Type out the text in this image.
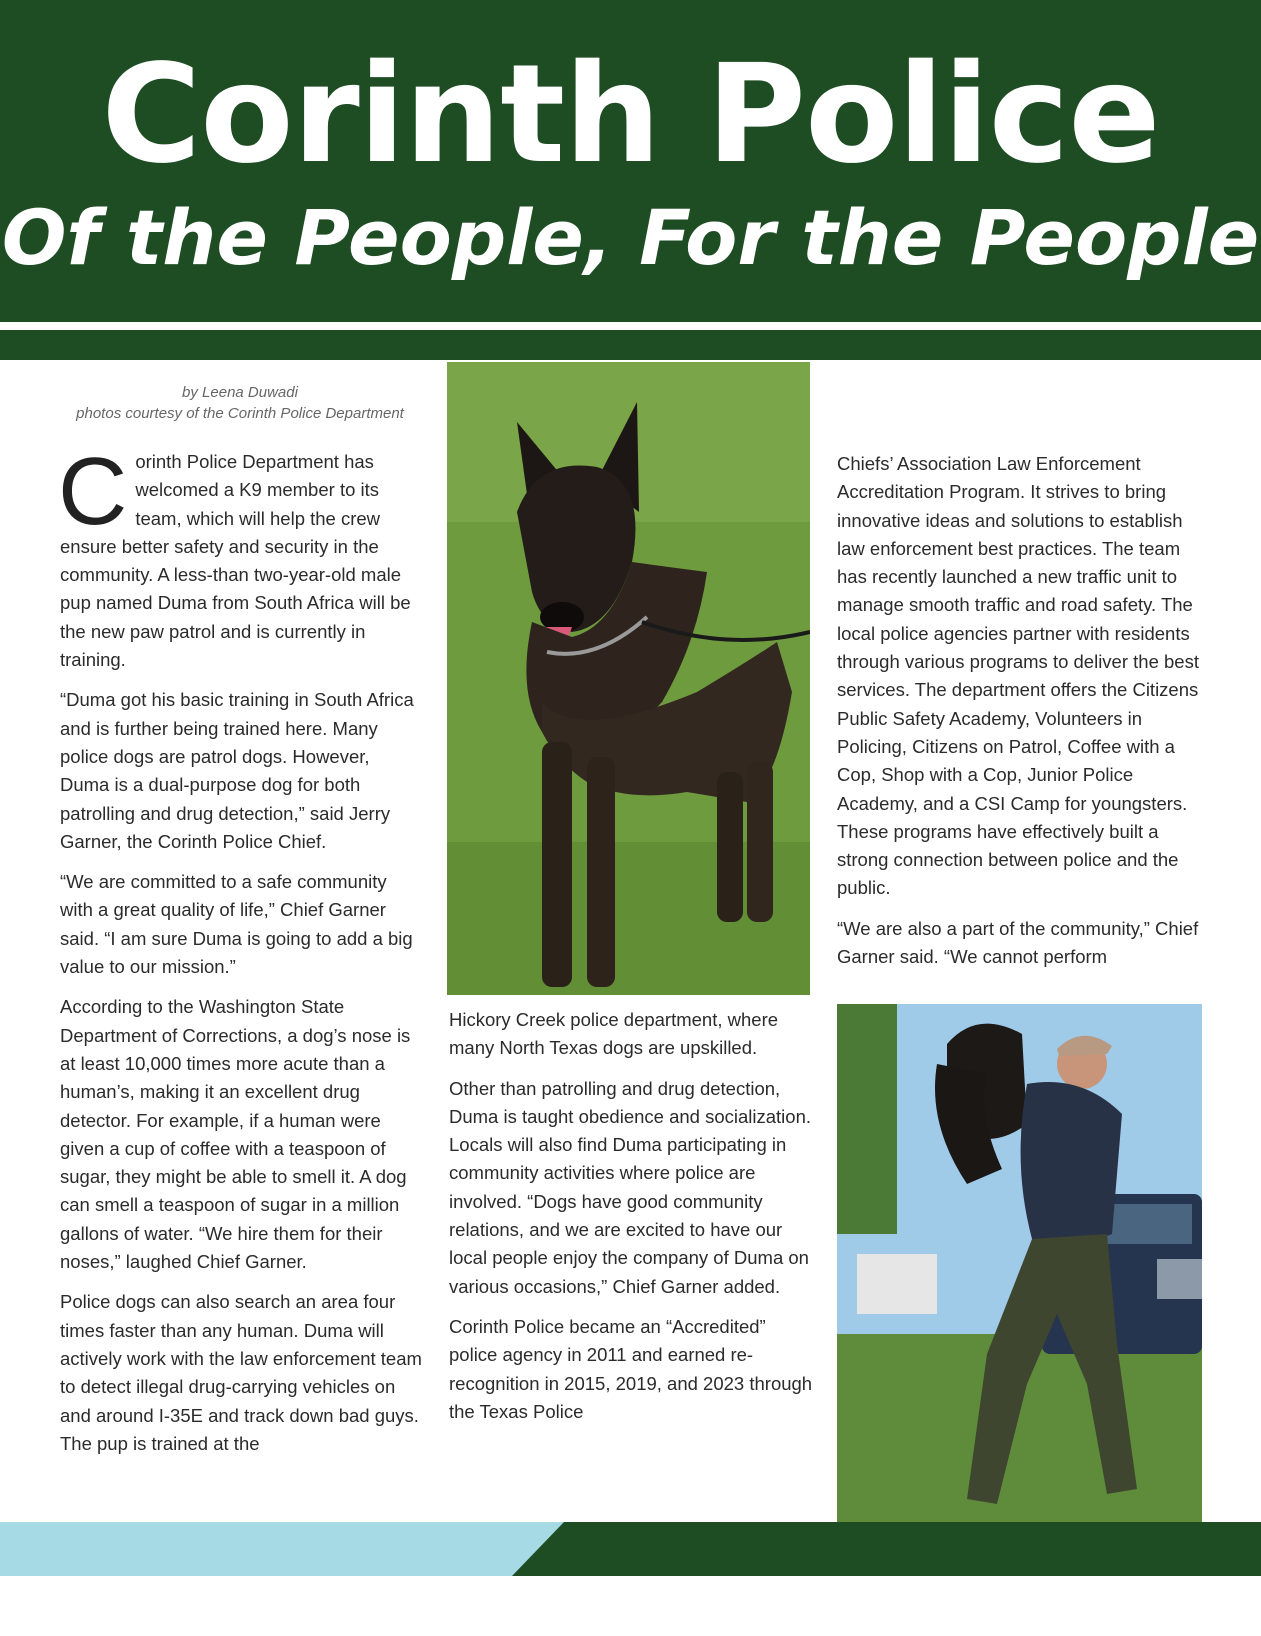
Corinth Police
Of the People, For the People
by Leena Duwadi
photos courtesy of the Corinth Police Department

Corinth Police Department has welcomed a K9 member to its team, which will help the crew ensure better safety and security in the community. A less-than two-year-old male pup named Duma from South Africa will be the new paw patrol and is currently in training.

“Duma got his basic training in South Africa and is further being trained here. Many police dogs are patrol dogs. However, Duma is a dual-purpose dog for both patrolling and drug detection,” said Jerry Garner, the Corinth Police Chief.

“We are committed to a safe community with a great quality of life,” Chief Garner said. “I am sure Duma is going to add a big value to our mission.”

According to the Washington State Department of Corrections, a dog’s nose is at least 10,000 times more acute than a human’s, making it an excellent drug detector. For example, if a human were given a cup of coffee with a teaspoon of sugar, they might be able to smell it. A dog can smell a teaspoon of sugar in a million gallons of water. “We hire them for their noses,” laughed Chief Garner.

Police dogs can also search an area four times faster than any human. Duma will actively work with the law enforcement team to detect illegal drug-carrying vehicles on and around I-35E and track down bad guys. The pup is trained at the

Hickory Creek police department, where many North Texas dogs are upskilled.

Other than patrolling and drug detection, Duma is taught obedience and socialization. Locals will also find Duma participating in community activities where police are involved. “Dogs have good community relations, and we are excited to have our local people enjoy the company of Duma on various occasions,” Chief Garner added.

Corinth Police became an “Accredited” police agency in 2011 and earned re-recognition in 2015, 2019, and 2023 through the Texas Police

Chiefs’ Association Law Enforcement Accreditation Program. It strives to bring innovative ideas and solutions to establish law enforcement best practices. The team has recently launched a new traffic unit to manage smooth traffic and road safety. The local police agencies partner with residents through various programs to deliver the best services. The department offers the Citizens Public Safety Academy, Volunteers in Policing, Citizens on Patrol, Coffee with a Cop, Shop with a Cop, Junior Police Academy, and a CSI Camp for youngsters. These programs have effectively built a strong connection between police and the public.

“We are also a part of the community,” Chief Garner said. “We cannot perform
